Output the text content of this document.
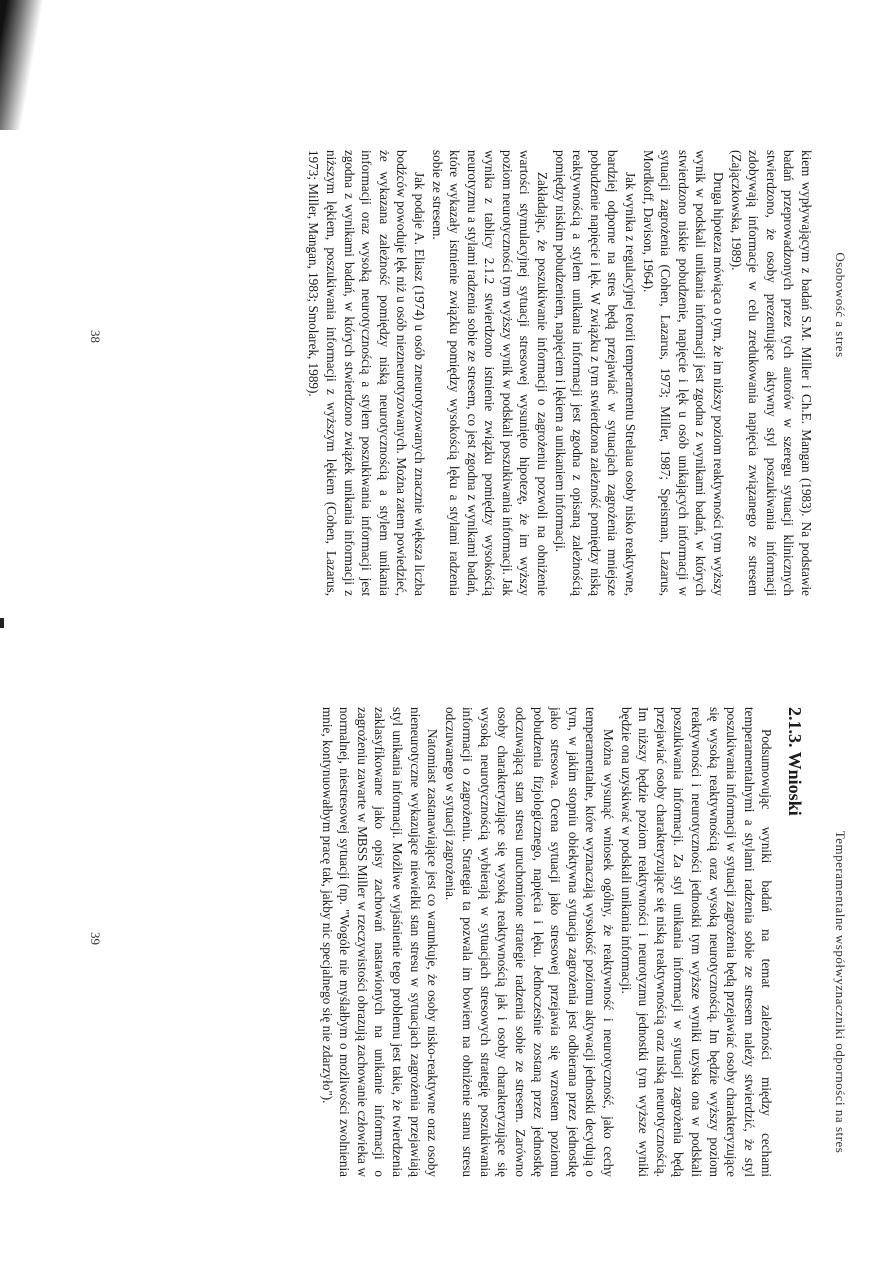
Osobowość a stres

kiem wypływającym z badań S.M. Miller i Ch.E. Mangan (1983). Na podstawie badań przeprowadzonych przez tych autorów w szeregu sytuacji klinicznych stwierdzono, że osoby prezentujące aktywny styl poszukiwania informacji zdobywają informacje w celu zredukowania napięcia związanego ze stresem (Zajączkowska, 1989).

Druga hipoteza mówiąca o tym, że im niższy poziom reaktywności tym wyższy wynik w podskali unikania informacji jest zgodna z wynikami badań, w których stwierdzono niskie pobudzenie, napięcie i lęk u osób unikających informacji w sytuacji zagrożenia (Cohen, Lazarus, 1973; Miller, 1987; Speisman, Lazarus, Mordkoff, Davison, 1964).

Jak wynika z regulacyjnej teorii temperamentu Strelaua osoby nisko reaktywne, bardziej odporne na stres będą przejawiać w sytuacjach zagrożenia mniejsze pobudzenie napięcie i lęk. W związku z tym stwierdzona zależność pomiędzy niską reaktywnością a stylem unikania informacji jest zgodna z opisaną zależnością pomiędzy niskim pobudzeniem, napięciem i lękiem a unikaniem informacji.

Zakładając, że poszukiwanie informacji o zagrożeniu pozwoli na obniżenie wartości stymulacyjnej sytuacji stresowej wysunięto hipotezę, że im wyższy poziom neurotyczności tym wyższy wynik w podskali poszukiwania informacji. Jak wynika z tablicy 2.1.2 stwierdzono istnienie związku pomiędzy wysokością neurotyzmu a stylami radzenia sobie ze stresem, co jest zgodna z wynikami badań, które wykazały istnienie związku pomiędzy wysokością lęku a stylami radzenia sobie ze stresem.

Jak podaje A. Eliasz (1974) u osób zneurotyzowanych znacznie większa liczba bodźców powoduje lęk niż u osób niezneurotyzowanych. Można zatem powiedzieć, że wykazana zależność pomiędzy niską neurotycznością a stylem unikania informacji oraz wysoką neurotycznością a stylem poszukiwania informacji jest zgodna z wynikami badań, w których stwierdzono związek unikania informacji z niższym lękiem, poszukiwania informacji z wyższym lękiem (Cohen, Lazarus, 1973; Miller, Mangan, 1983; Smolarek, 1989).

38
Temperamentalne współwyznaczniki odporności na stres
2.1.3. Wnioski

Podsumowując wyniki badań na temat zależności między cechami temperamentalnymi a stylami radzenia sobie ze stresem należy stwierdzić, że styl poszukiwania informacji w sytuacji zagrożenia będą przejawiać osoby charakteryzujące się wysoką reaktywnością oraz wysoką neurotycznością. Im będzie wyższy poziom reaktywności i neurotyczności jednostki tym wyższe wyniki uzyska ona w podskali poszukiwania informacji. Za styl unikania informacji w sytuacji zagrożenia będą przejawiać osoby charakteryzujące się niską reaktywnością oraz niską neurotycznością. Im niższy będzie poziom reaktywności i neurotyzmu jednostki tym wyższe wyniki będzie ona uzyskiwać w podskali unikania informacji.

Można wysunąć wniosek ogólny, że reaktywność i neurotyczność, jako cechy temperamentalne, które wyznaczają wysokość poziomu aktywacji jednostki decydują o tym, w jakim stopniu obiektywna sytuacja zagrożenia jest odbierana przez jednostkę jako stresowa. Ocena sytuacji jako stresowej przejawia się wzrostem poziomu pobudzenia fizjologicznego, napięcia i lęku. Jednocześnie zostaną przez jednostkę odczuwającą stan stresu uruchomione strategie radzenia sobie ze stresem. Zarówno osoby charakteryzujące się wysoką reaktywnością jak i osoby charakteryzujące się wysoką neurotycznością wybierają w sytuacjach stresowych strategię poszukiwania informacji o zagrożeniu. Strategia ta pozwala im bowiem na obniżenie stanu stresu odczuwanego w sytuacji zagrożenia.

Natomiast zastanawiające jest co warunkuje, że osoby nisko-reaktywne oraz osoby nieneurotyczne wykazujące niewielki stan stresu w sytuacjach zagrożenia przejawiają styl unikania informacji. Możliwe wyjaśnienie tego problemu jest takie, że twierdzenia zaklasyfikowane jako opisy zachowań nastawionych na unikanie informacji o zagrożeniu zawarte w MBSS Miller w rzeczywistości obrazują zachowanie człowieka w normalnej, niestresowej sytuacji (np. "Wogóle nie myślałbym o możliwości zwolnienia mnie, kontynuowałbym pracę tak, jakby nic specjalnego się nie zdarzyło").

39
